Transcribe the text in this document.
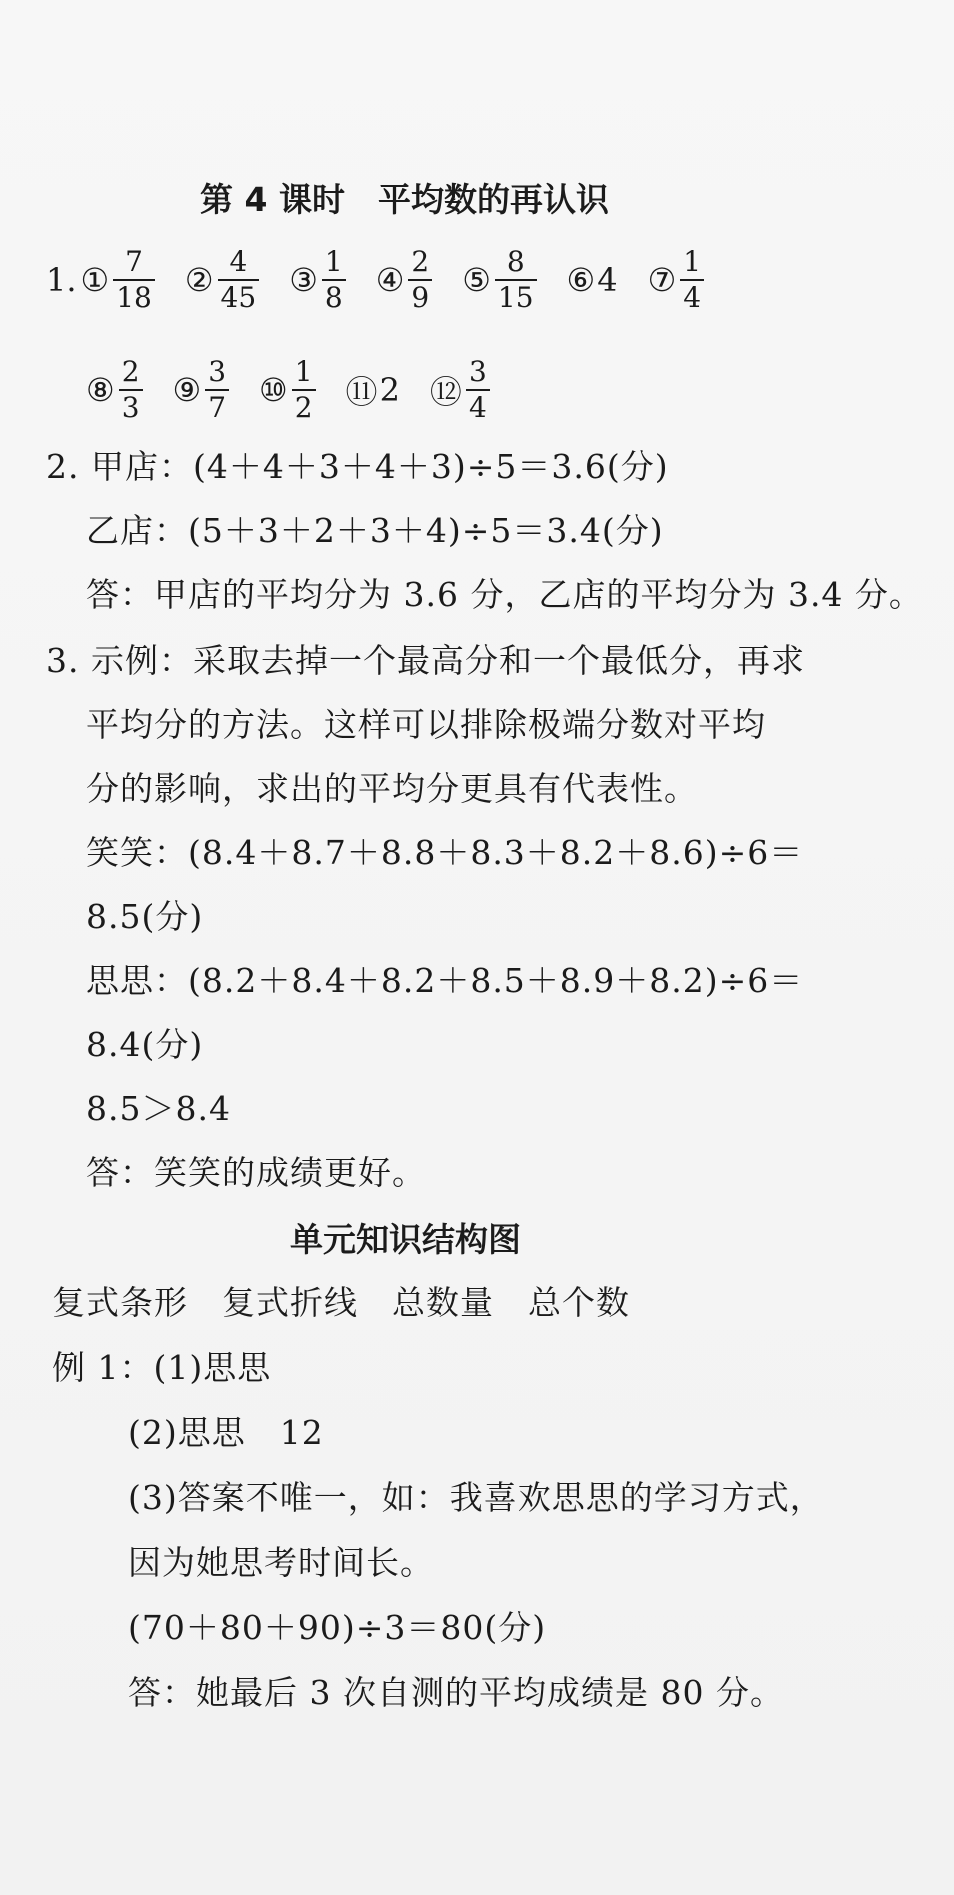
第 4 课时　平均数的再认识
1. ① $\frac{7}{18}$ ② $\frac{4}{45}$ ③ $\frac{1}{8}$ ④ $\frac{2}{9}$ ⑤ $\frac{8}{15}$ ⑥ 4 ⑦ $\frac{1}{4}$
⑧ $\frac{2}{3}$ ⑨ $\frac{3}{7}$ ⑩ $\frac{1}{2}$ ⑪ 2 ⑫ $\frac{3}{4}$
2. 甲店：(4＋4＋3＋4＋3)÷5＝3.6(分)
乙店：(5＋3＋2＋3＋4)÷5＝3.4(分)
答：甲店的平均分为 3.6 分，乙店的平均分为 3.4 分。
3. 示例：采取去掉一个最高分和一个最低分，再求
平均分的方法。这样可以排除极端分数对平均
分的影响，求出的平均分更具有代表性。
笑笑：(8.4＋8.7＋8.8＋8.3＋8.2＋8.6)÷6＝
8.5(分)
思思：(8.2＋8.4＋8.2＋8.5＋8.9＋8.2)÷6＝
8.4(分)
8.5＞8.4
答：笑笑的成绩更好。
单元知识结构图
复式条形　复式折线　总数量　总个数
例 1：(1)思思
(2)思思　12
(3)答案不唯一，如：我喜欢思思的学习方式，
因为她思考时间长。
(70＋80＋90)÷3＝80(分)
答：她最后 3 次自测的平均成绩是 80 分。
